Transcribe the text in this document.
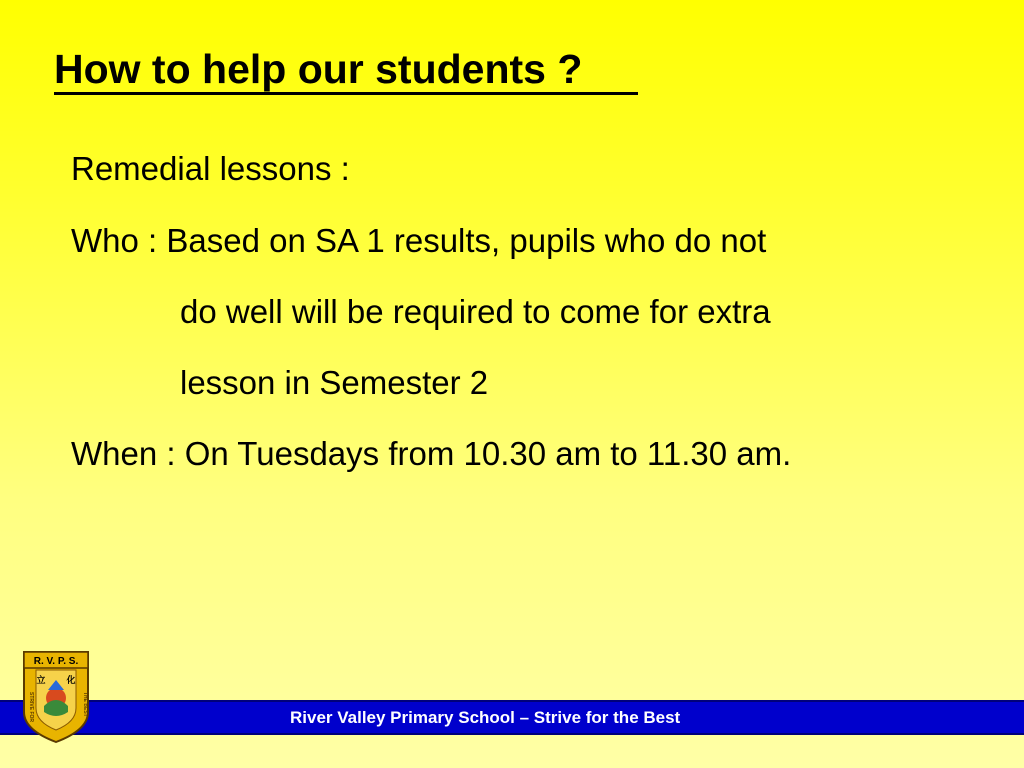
How to help our students ?
Remedial lessons :
Who : Based on SA 1 results, pupils who do not
do well will be required to come for extra
lesson in Semester 2
When : On Tuesdays from 10.30 am to 11.30 am.
River Valley Primary School – Strive for the Best
R. V. P. S.
立 化
STRIVE FOR	THE BEST
